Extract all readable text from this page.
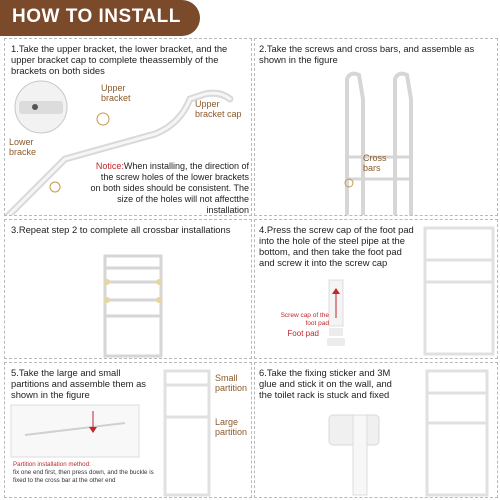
HOW TO INSTALL
1.Take the upper bracket, the lower bracket, and the upper bracket cap to complete theassembly of the brackets on both sides
Upper bracket
Upper bracket cap
Lower bracke
Notice:When installing, the direction of the screw holes of the lower brackets on both sides should be consistent. The size of the holes will not affectthe installation
2.Take the screws and cross bars, and assemble as shown in the figure
Cross bars
3.Repeat step 2 to complete all crossbar installations	4.Press the screw cap of the foot pad into the hole of the steel pipe at the bottom, and then take the foot pad and screw it into the screw cap
Screw cap of the foot pad
Foot pad
5.Take the large and small partitions and assemble them as shown in the figure
Small partition
Large partition
Partition installation method:
fix one end first, then press down, and the buckle is fixed to the cross bar at the other end
6.Take the fixing sticker and 3M glue and stick it on the wall, and the toilet rack is stuck and fixed
